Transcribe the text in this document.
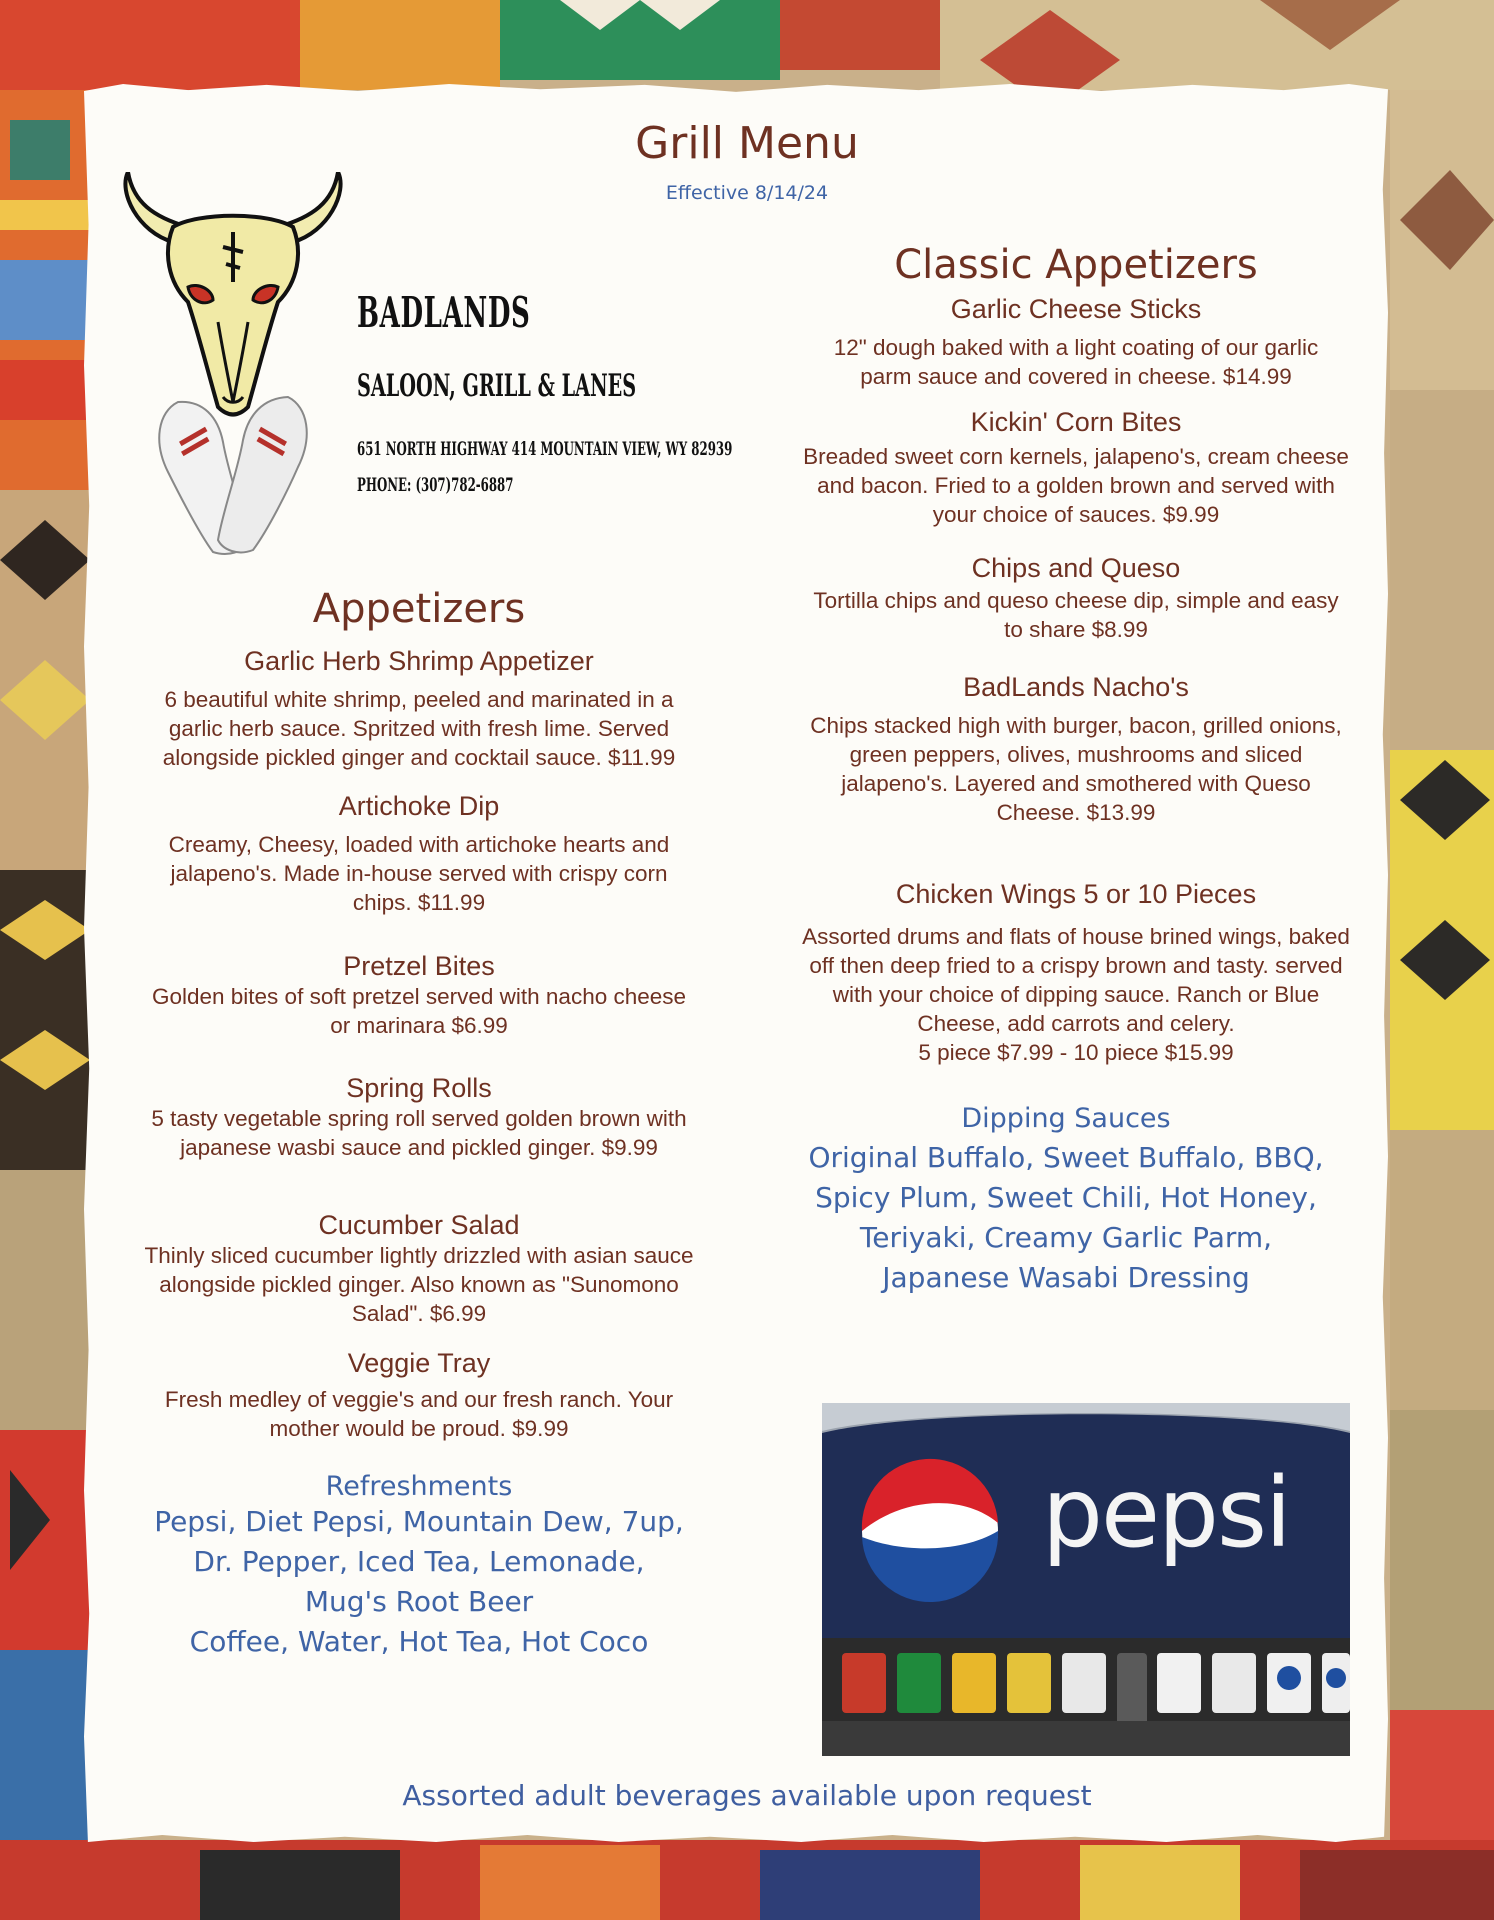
Grill Menu
Effective 8/14/24
BADLANDS
SALOON, GRILL & LANES
651 NORTH HIGHWAY 414 MOUNTAIN VIEW, WY 82939
PHONE: (307)782-6887
Appetizers
Garlic Herb Shrimp Appetizer
6 beautiful white shrimp, peeled and marinated in a
garlic herb sauce. Spritzed with fresh lime. Served
alongside pickled ginger and cocktail sauce. $11.99
Artichoke Dip
Creamy, Cheesy, loaded with artichoke hearts and
jalapeno's. Made in-house served with crispy corn
chips. $11.99
Pretzel Bites
Golden bites of soft pretzel served with nacho cheese
or marinara $6.99
Spring Rolls
5 tasty vegetable spring roll served golden brown with
japanese wasbi sauce and pickled ginger. $9.99
Cucumber Salad
Thinly sliced cucumber lightly drizzled with asian sauce
alongside pickled ginger. Also known as "Sunomono
Salad". $6.99
Veggie Tray
Fresh medley of veggie's and our fresh ranch. Your
mother would be proud. $9.99
Refreshments
Pepsi, Diet Pepsi, Mountain Dew, 7up,
Dr. Pepper, Iced Tea, Lemonade,
Mug's Root Beer
Coffee, Water, Hot Tea, Hot Coco
Classic Appetizers
Garlic Cheese Sticks
12" dough baked with a light coating of our garlic
parm sauce and covered in cheese. $14.99
Kickin' Corn Bites
Breaded sweet corn kernels, jalapeno's, cream cheese
and bacon. Fried to a golden brown and served with
your choice of sauces. $9.99
Chips and Queso
Tortilla chips and queso cheese dip, simple and easy
to share $8.99
BadLands Nacho's
Chips stacked high with burger, bacon, grilled onions,
green peppers, olives, mushrooms and sliced
jalapeno's. Layered and smothered with Queso
Cheese. $13.99
Chicken Wings 5 or 10 Pieces
Assorted drums and flats of house brined wings, baked
off then deep fried to a crispy brown and tasty. served
with your choice of dipping sauce. Ranch or Blue
Cheese, add carrots and celery.
5 piece $7.99 - 10 piece $15.99
Dipping Sauces
Original Buffalo, Sweet Buffalo, BBQ,
Spicy Plum, Sweet Chili, Hot Honey,
Teriyaki, Creamy Garlic Parm,
Japanese Wasabi Dressing
pepsi
Assorted adult beverages available upon request
